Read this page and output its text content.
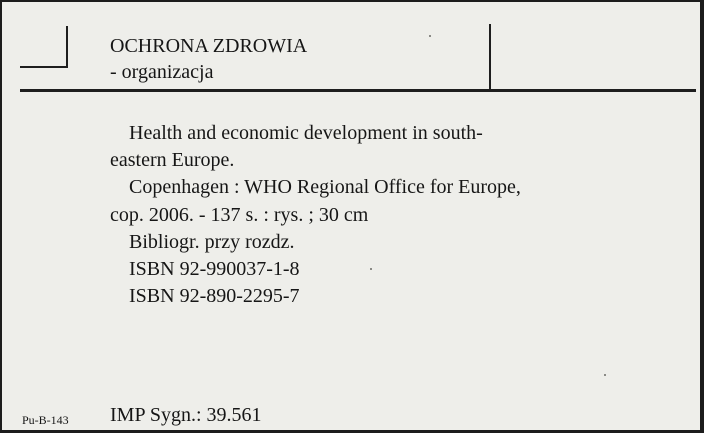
OCHRONA ZDROWIA
- organizacja
Health and economic development in south-
eastern Europe.
Copenhagen : WHO Regional Office for Europe,
cop. 2006. - 137 s. : rys. ; 30 cm
Bibliogr. przy rozdz.
ISBN 92-990037-1-8
ISBN 92-890-2295-7
Pu-B-143 IMP Sygn.: 39.561
